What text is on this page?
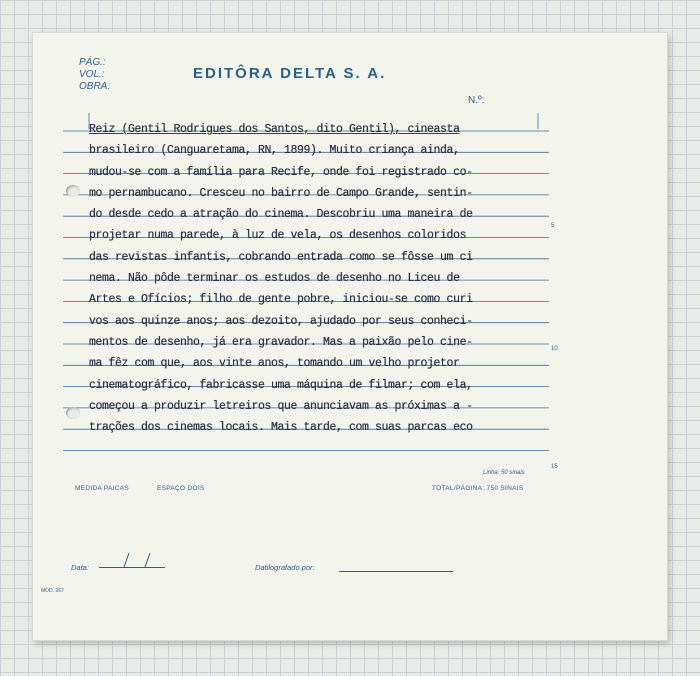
PÁG.:
VOL.:
OBRA:
EDITÔRA DELTA S. A.
N.º:
Reiz (Gentil Rodrigues dos Santos, dito Gentil), cineasta
brasileiro (Canguaretama, RN, 1899). Muito criança ainda,
mudou-se com a família para Recife, onde foi registrado co-
mo pernambucano. Cresceu no bairro de Campo Grande, sentin-
do desde cedo a atração do cinema. Descobriu uma maneira de
projetar numa parede, à luz de vela, os desenhos coloridos
das revistas infantis, cobrando entrada como se fôsse um ci
nema. Não pôde terminar os estudos de desenho no Liceu de
Artes e Ofícios; filho de gente pobre, iniciou-se como curi
vos aos quinze anos; aos dezoito, ajudado por seus conheci-
mentos de desenho, já era gravador. Mas a paixão pelo cine-
ma fêz com que, aos vinte anos, tomando um velho projetor
cinematográfico, fabricasse uma máquina de filmar; com ela,
começou a produzir letreiros que anunciavam as próximas a -
trações dos cinemas locais. Mais tarde, com suas parcas eco
5
10
15
Linha: 50 sinais
MEDIDA PAICAS	ESPAÇO DOIS	TOTAL/PÁGINA: 750 SINAIS
Data:	Datilografado por:
MOD. 267
